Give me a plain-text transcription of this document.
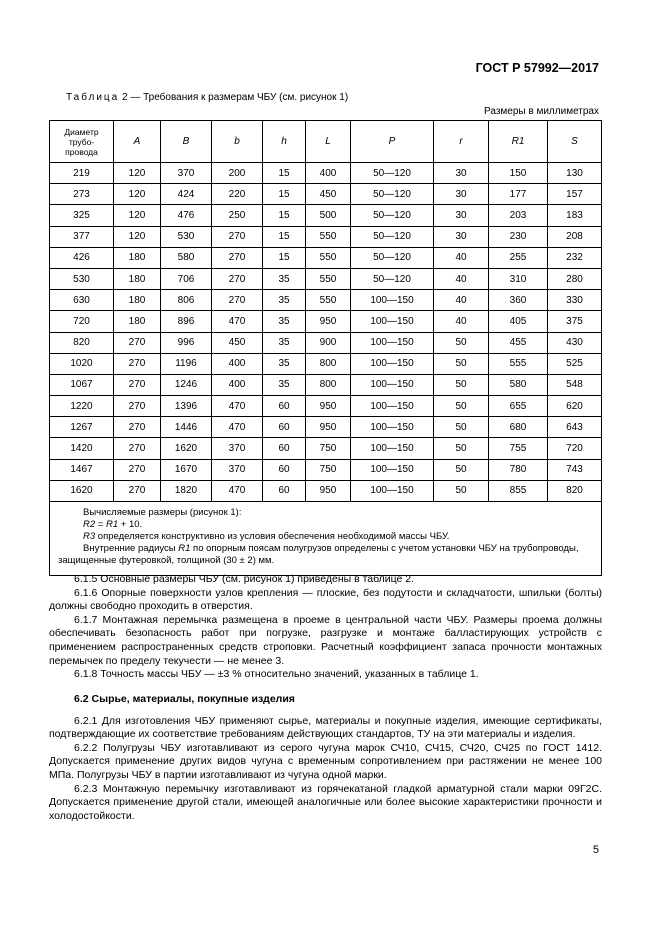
ГОСТ Р 57992—2017
Таблица 2 — Требования к размерам ЧБУ (см. рисунок 1)
Размеры в миллиметрах
Диаметр
трубо-
провода	A	B	b	h	L	P	r	R1	S
219	120	370	200	15	400	50—120	30	150	130
273	120	424	220	15	450	50—120	30	177	157
325	120	476	250	15	500	50—120	30	203	183
377	120	530	270	15	550	50—120	30	230	208
426	180	580	270	15	550	50—120	40	255	232
530	180	706	270	35	550	50—120	40	310	280
630	180	806	270	35	550	100—150	40	360	330
720	180	896	470	35	950	100—150	40	405	375
820	270	996	450	35	900	100—150	50	455	430
1020	270	1196	400	35	800	100—150	50	555	525
1067	270	1246	400	35	800	100—150	50	580	548
1220	270	1396	470	60	950	100—150	50	655	620
1267	270	1446	470	60	950	100—150	50	680	643
1420	270	1620	370	60	750	100—150	50	755	720
1467	270	1670	370	60	750	100—150	50	780	743
1620	270	1820	470	60	950	100—150	50	855	820

Вычисляемые размеры (рисунок 1):
R2 = R1 + 10.
R3 определяется конструктивно из условия обеспечения необходимой массы ЧБУ.
Внутренние радиусы R1 по опорным поясам полугрузов определены с учетом установки ЧБУ на трубопроводы, защищенные футеровкой, толщиной (30 ± 2) мм.									

6.1.5 Основные размеры ЧБУ (см. рисунок 1) приведены в таблице 2.

6.1.6 Опорные поверхности узлов крепления — плоские, без подутости и складчатости, шпильки (болты) должны свободно проходить в отверстия.

6.1.7 Монтажная перемычка размещена в проеме в центральной части ЧБУ. Размеры проема должны обеспечивать безопасность работ при погрузке, разгрузке и монтаже балластирующих устройств с применением распространенных средств строповки. Расчетный коэффициент запаса прочности монтажных перемычек по пределу текучести — не менее 3.

6.1.8 Точность массы ЧБУ — ±3 % относительно значений, указанных в таблице 1.

6.2 Сырье, материалы, покупные изделия

6.2.1 Для изготовления ЧБУ применяют сырье, материалы и покупные изделия, имеющие сертификаты, подтверждающие их соответствие требованиям действующих стандартов, ТУ на эти материалы и изделия.

6.2.2 Полугрузы ЧБУ изготавливают из серого чугуна марок СЧ10, СЧ15, СЧ20, СЧ25 по ГОСТ 1412. Допускается применение других видов чугуна с временным сопротивлением при растяжении не менее 100 МПа. Полугрузы ЧБУ в партии изготавливают из чугуна одной марки.

6.2.3 Монтажную перемычку изготавливают из горячекатаной гладкой арматурной стали марки 09Г2С. Допускается применение другой стали, имеющей аналогичные или более высокие характеристики прочности и холодостойкости.

5
